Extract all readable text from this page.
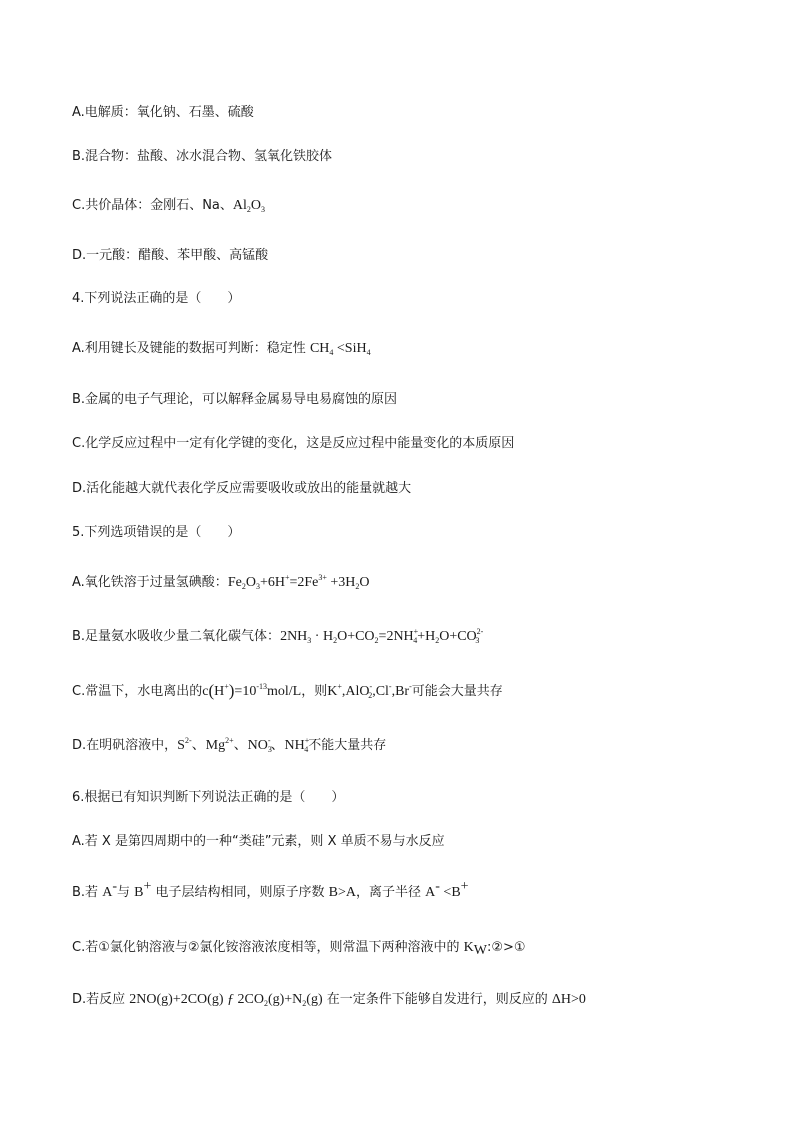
A.电解质：氧化钠、石墨、硫酸
B.混合物：盐酸、冰水混合物、氢氧化铁胶体
C.共价晶体：金刚石、Na、$Al_2O_3$
D.一元酸：醋酸、苯甲酸、高锰酸
4.下列说法正确的是（　　）
A.利用键长及键能的数据可判断：稳定性 $CH_4 <SiH_4$
B.金属的电子气理论，可以解释金属易导电易腐蚀的原因
C.化学反应过程中一定有化学键的变化，这是反应过程中能量变化的本质原因
D.活化能越大就代表化学反应需要吸收或放出的能量就越大
5.下列选项错误的是（　　）
A.氧化铁溶于过量氢碘酸：$Fe_2O_3+6H^+=2Fe^{3+} +3H_2O$
B.足量氨水吸收少量二氧化碳气体：$2NH_3 \cdot H_2O+CO_2=2NH^+_4+H_2O+CO^{2-}_3$
C.常温下，水电离出的$c(H^+)=10^{-13}mol/L$，则K+,AlO-$_2$,Cl-,Br-可能会大量共存
D.在明矾溶液中，$S^{2-}$、$Mg^{2+}$、$NO_3^-$、$NH^+_4$不能大量共存
6.根据已有知识判断下列说法正确的是（　　）
A.若 X 是第四周期中的一种“类硅”元素，则 X 单质不易与水反应
B.若 A-与 B+ 电子层结构相同，则原子序数 B>A，离子半径 A- <B+
C.若①氯化钠溶液与②氯化铵溶液浓度相等，则常温下两种溶液中的 $K_W:②>①$
D.若反应 2NO(g)+2CO(g) ƒ $2CO_2(g)+N_2(g)$ 在一定条件下能够自发进行，则反应的 ΔH>0
